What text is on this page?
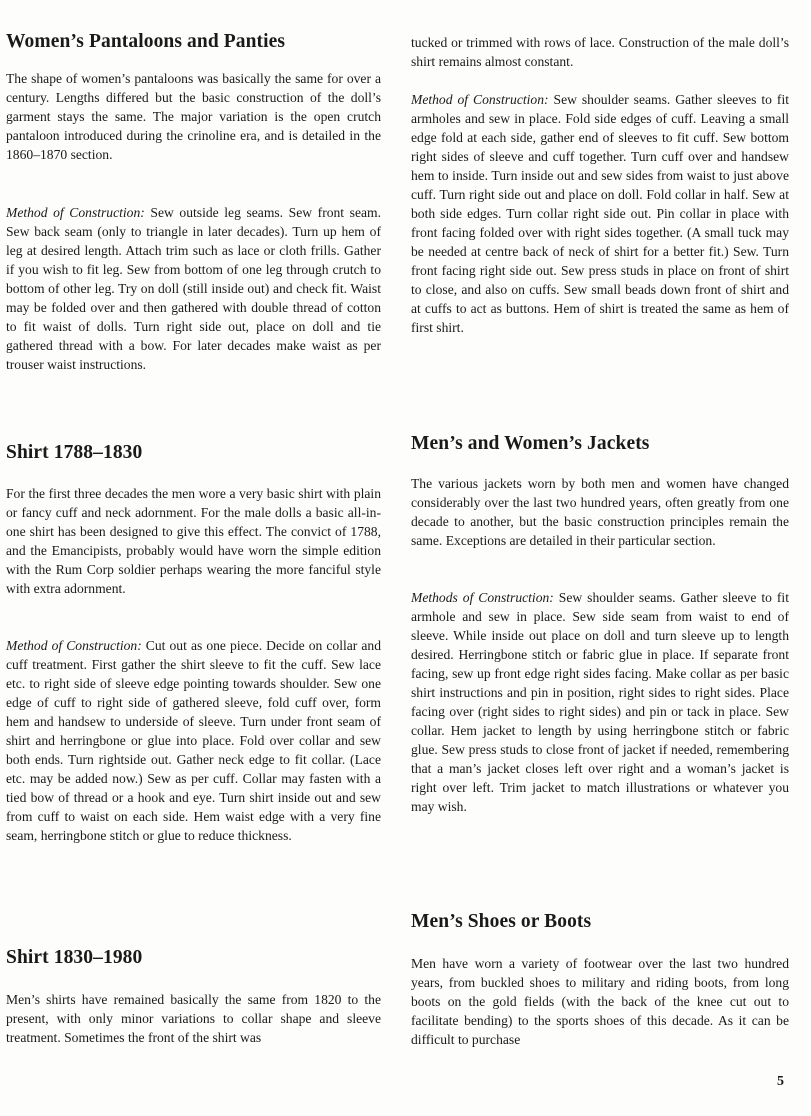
Women’s Pantaloons and Panties

The shape of women’s pantaloons was basically the same for over a century. Lengths differed but the basic construction of the doll’s garment stays the same. The major variation is the open crutch pantaloon introduced during the crinoline era, and is detailed in the 1860–1870 section.

Method of Construction: Sew outside leg seams. Sew front seam. Sew back seam (only to triangle in later decades). Turn up hem of leg at desired length. Attach trim such as lace or cloth frills. Gather if you wish to fit leg. Sew from bottom of one leg through crutch to bottom of other leg. Try on doll (still inside out) and check fit. Waist may be folded over and then gathered with double thread of cotton to fit waist of dolls. Turn right side out, place on doll and tie gathered thread with a bow. For later decades make waist as per trouser waist instructions.

Shirt 1788–1830

For the first three decades the men wore a very basic shirt with plain or fancy cuff and neck adornment. For the male dolls a basic all-in-one shirt has been designed to give this effect. The convict of 1788, and the Emancipists, probably would have worn the simple edition with the Rum Corp soldier perhaps wearing the more fanciful style with extra adornment.

Method of Construction: Cut out as one piece. Decide on collar and cuff treatment. First gather the shirt sleeve to fit the cuff. Sew lace etc. to right side of sleeve edge pointing towards shoulder. Sew one edge of cuff to right side of gathered sleeve, fold cuff over, form hem and handsew to underside of sleeve. Turn under front seam of shirt and herringbone or glue into place. Fold over collar and sew both ends. Turn rightside out. Gather neck edge to fit collar. (Lace etc. may be added now.) Sew as per cuff. Collar may fasten with a tied bow of thread or a hook and eye. Turn shirt inside out and sew from cuff to waist on each side. Hem waist edge with a very fine seam, herringbone stitch or glue to reduce thickness.

Shirt 1830–1980

Men’s shirts have remained basically the same from 1820 to the present, with only minor variations to collar shape and sleeve treatment. Sometimes the front of the shirt was

tucked or trimmed with rows of lace. Construction of the male doll’s shirt remains almost constant.

Method of Construction: Sew shoulder seams. Gather sleeves to fit armholes and sew in place. Fold side edges of cuff. Leaving a small edge fold at each side, gather end of sleeves to fit cuff. Sew bottom right sides of sleeve and cuff together. Turn cuff over and handsew hem to inside. Turn inside out and sew sides from waist to just above cuff. Turn right side out and place on doll. Fold collar in half. Sew at both side edges. Turn collar right side out. Pin collar in place with front facing folded over with right sides together. (A small tuck may be needed at centre back of neck of shirt for a better fit.) Sew. Turn front facing right side out. Sew press studs in place on front of shirt to close, and also on cuffs. Sew small beads down front of shirt and at cuffs to act as buttons. Hem of shirt is treated the same as hem of first shirt.

Men’s and Women’s Jackets

The various jackets worn by both men and women have changed considerably over the last two hundred years, often greatly from one decade to another, but the basic construction principles remain the same. Exceptions are detailed in their particular section.

Methods of Construction: Sew shoulder seams. Gather sleeve to fit armhole and sew in place. Sew side seam from waist to end of sleeve. While inside out place on doll and turn sleeve up to length desired. Herringbone stitch or fabric glue in place. If separate front facing, sew up front edge right sides facing. Make collar as per basic shirt instructions and pin in position, right sides to right sides. Place facing over (right sides to right sides) and pin or tack in place. Sew collar. Hem jacket to length by using herringbone stitch or fabric glue. Sew press studs to close front of jacket if needed, remembering that a man’s jacket closes left over right and a woman’s jacket is right over left. Trim jacket to match illustrations or whatever you may wish.

Men’s Shoes or Boots

Men have worn a variety of footwear over the last two hundred years, from buckled shoes to military and riding boots, from long boots on the gold fields (with the back of the knee cut out to facilitate bending) to the sports shoes of this decade. As it can be difficult to purchase

5
